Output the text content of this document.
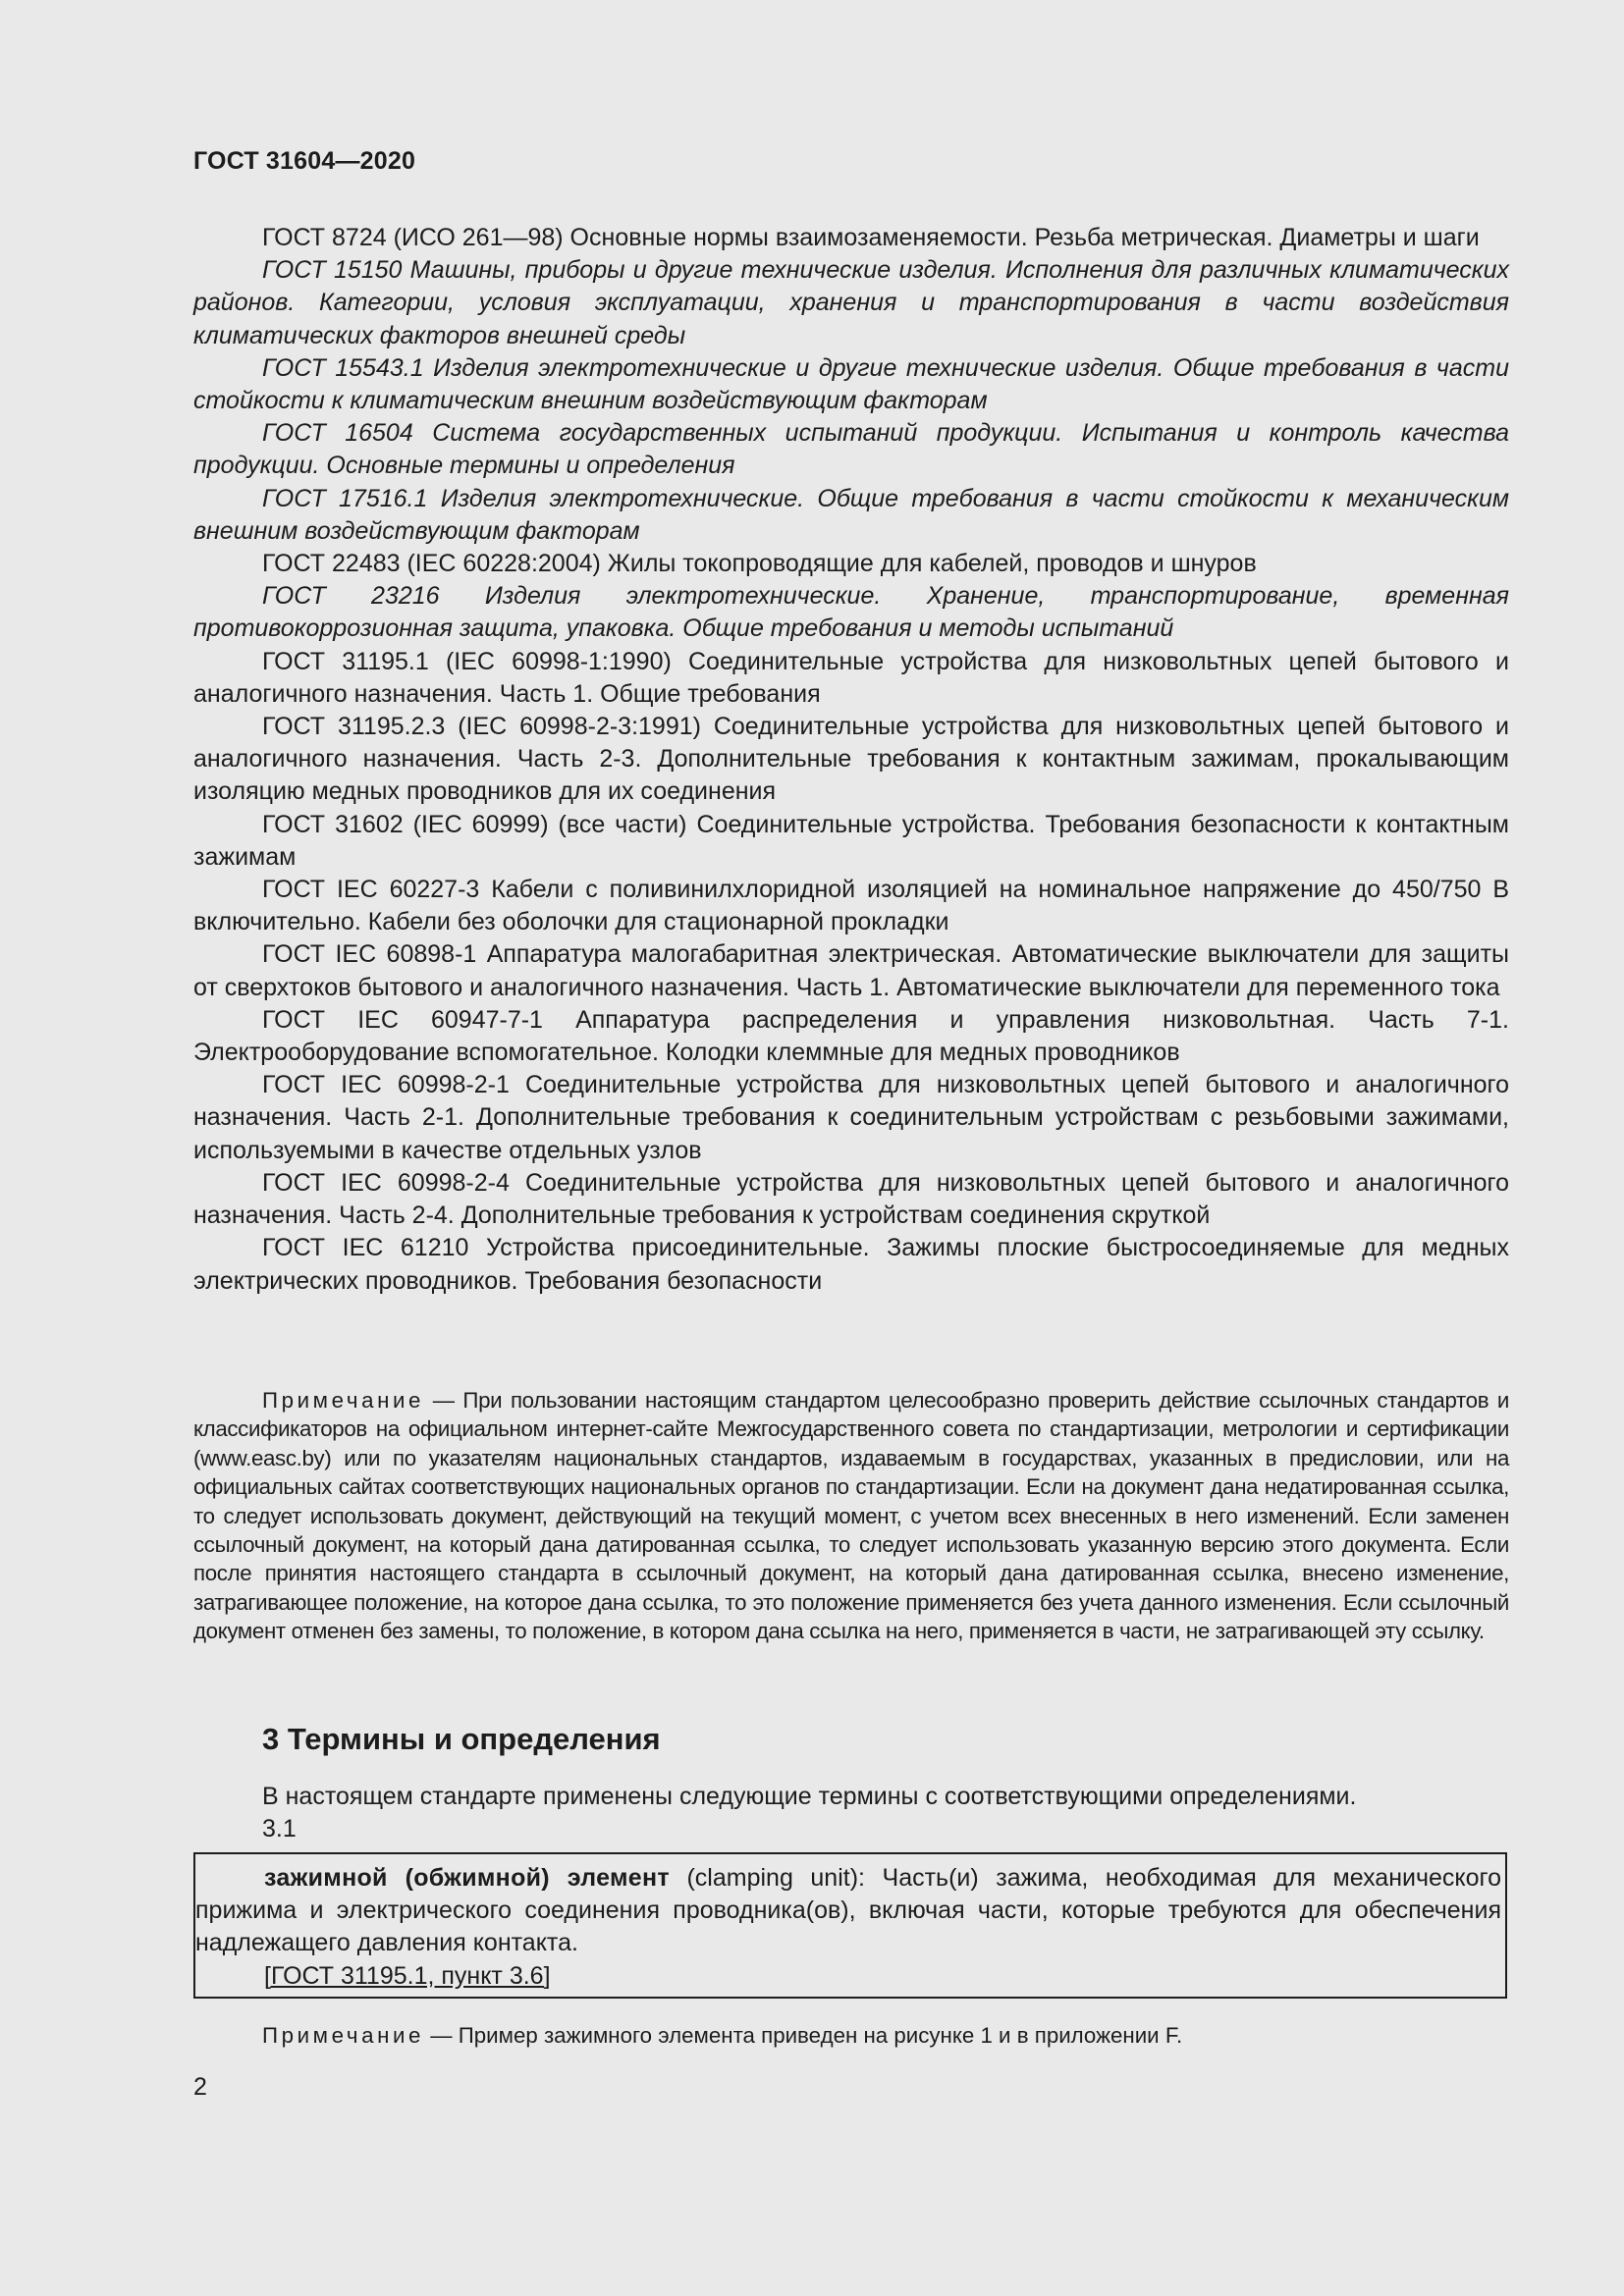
ГОСТ 31604—2020

ГОСТ 8724 (ИСО 261—98) Основные нормы взаимозаменяемости. Резьба метрическая. Диаметры и шаги

ГОСТ 15150 Машины, приборы и другие технические изделия. Исполнения для различных климатических районов. Категории, условия эксплуатации, хранения и транспортирования в части воздействия климатических факторов внешней среды

ГОСТ 15543.1 Изделия электротехнические и другие технические изделия. Общие требования в части стойкости к климатическим внешним воздействующим факторам

ГОСТ 16504 Система государственных испытаний продукции. Испытания и контроль качества продукции. Основные термины и определения

ГОСТ 17516.1 Изделия электротехнические. Общие требования в части стойкости к механическим внешним воздействующим факторам

ГОСТ 22483 (IEC 60228:2004) Жилы токопроводящие для кабелей, проводов и шнуров

ГОСТ 23216 Изделия электротехнические. Хранение, транспортирование, временная противокоррозионная защита, упаковка. Общие требования и методы испытаний

ГОСТ 31195.1 (IEC 60998-1:1990) Соединительные устройства для низковольтных цепей бытового и аналогичного назначения. Часть 1. Общие требования

ГОСТ 31195.2.3 (IEC 60998-2-3:1991) Соединительные устройства для низковольтных цепей бытового и аналогичного назначения. Часть 2-3. Дополнительные требования к контактным зажимам, прокалывающим изоляцию медных проводников для их соединения

ГОСТ 31602 (IEC 60999) (все части) Соединительные устройства. Требования безопасности к контактным зажимам

ГОСТ IEC 60227-3 Кабели с поливинилхлоридной изоляцией на номинальное напряжение до 450/750 В включительно. Кабели без оболочки для стационарной прокладки

ГОСТ IEC 60898-1 Аппаратура малогабаритная электрическая. Автоматические выключатели для защиты от сверхтоков бытового и аналогичного назначения. Часть 1. Автоматические выключатели для переменного тока

ГОСТ IEC 60947-7-1 Аппаратура распределения и управления низковольтная. Часть 7-1. Электрооборудование вспомогательное. Колодки клеммные для медных проводников

ГОСТ IEC 60998-2-1 Соединительные устройства для низковольтных цепей бытового и аналогичного назначения. Часть 2-1. Дополнительные требования к соединительным устройствам с резьбовыми зажимами, используемыми в качестве отдельных узлов

ГОСТ IEC 60998-2-4 Соединительные устройства для низковольтных цепей бытового и аналогичного назначения. Часть 2-4. Дополнительные требования к устройствам соединения скруткой

ГОСТ IEC 61210 Устройства присоединительные. Зажимы плоские быстросоединяемые для медных электрических проводников. Требования безопасности

Примечание — При пользовании настоящим стандартом целесообразно проверить действие ссылочных стандартов и классификаторов на официальном интернет-сайте Межгосударственного совета по стандартизации, метрологии и сертификации (www.easc.by) или по указателям национальных стандартов, издаваемым в государствах, указанных в предисловии, или на официальных сайтах соответствующих национальных органов по стандартизации. Если на документ дана недатированная ссылка, то следует использовать документ, действующий на текущий момент, с учетом всех внесенных в него изменений. Если заменен ссылочный документ, на который дана датированная ссылка, то следует использовать указанную версию этого документа. Если после принятия настоящего стандарта в ссылочный документ, на который дана датированная ссылка, внесено изменение, затрагивающее положение, на которое дана ссылка, то это положение применяется без учета данного изменения. Если ссылочный документ отменен без замены, то положение, в котором дана ссылка на него, применяется в части, не затрагивающей эту ссылку.

3 Термины и определения

В настоящем стандарте применены следующие термины с соответствующими определениями.

3.1

зажимной (обжимной) элемент (clamping unit): Часть(и) зажима, необходимая для механического прижима и электрического соединения проводника(ов), включая части, которые требуются для обеспечения надлежащего давления контакта.

[ГОСТ 31195.1, пункт 3.6]

Примечание — Пример зажимного элемента приведен на рисунке 1 и в приложении F.

2
